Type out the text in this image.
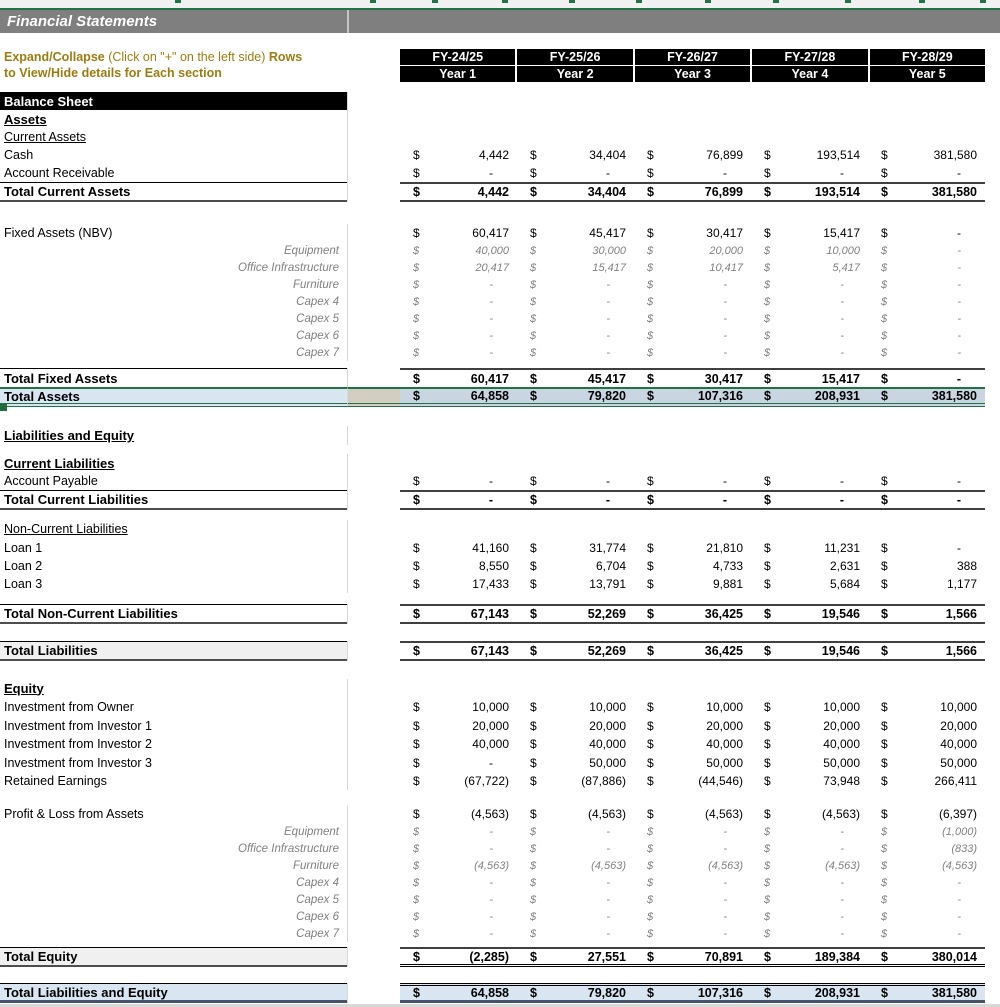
Financial Statements
Expand/Collapse (Click on "+" on the left side) Rows
to View/Hide details for Each section
FY-24/25	FY-25/26	FY-26/27	FY-27/28	FY-28/29
Year 1	Year 2	Year 3	Year 4	Year 5
Balance Sheet
Assets
Current Assets
Cash	$	4,442 $	34,404 $	76,899 $	193,514 $	381,580
Account Receivable	$	-	$	-	$	-	$	-	$	-
Total Current Assets	$	4,442 $	34,404 $	76,899 $	193,514 $	381,580
Fixed Assets (NBV)	$	60,417 $	45,417 $	30,417 $	15,417 $	-
Equipment	$	40,000 $	30,000 $	20,000 $	10,000 $	-
Office Infrastructure	$	20,417 $	15,417 $	10,417 $	5,417 $	-
Furniture	$	-	$	-	$	-	$	-	$	-
Capex 4	$	-	$	-	$	-	$	-	$	-
Capex 5	$	-	$	-	$	-	$	-	$	-
Capex 6	$	-	$	-	$	-	$	-	$	-
Capex 7	$	-	$	-	$	-	$	-	$	-
Total Fixed Assets	$	60,417 $	45,417 $	30,417 $	15,417 $	-
Total Assets	$	64,858 $	79,820 $	107,316 $	208,931 $	381,580
Liabilities and Equity
Current Liabilities
Account Payable	$	-	$	-	$	-	$	-	$	-
Total Current Liabilities	$	-	$	-	$	-	$	-	$	-
Non-Current Liabilities
Loan 1	$	41,160 $	31,774 $	21,810 $	11,231 $	-
Loan 2	$	8,550 $	6,704 $	4,733 $	2,631 $	388
Loan 3	$	17,433 $	13,791 $	9,881 $	5,684 $	1,177
Total Non-Current Liabilities	$	67,143 $	52,269 $	36,425 $	19,546 $	1,566
Total Liabilities	$	67,143 $	52,269 $	36,425 $	19,546 $	1,566
Equity
Investment from Owner	$	10,000 $	10,000 $	10,000 $	10,000 $	10,000
Investment from Investor 1	$	20,000 $	20,000 $	20,000 $	20,000 $	20,000
Investment from Investor 2	$	40,000 $	40,000 $	40,000 $	40,000 $	40,000
Investment from Investor 3	$	-	$	50,000 $	50,000 $	50,000 $	50,000
Retained Earnings	$	(67,722) $	(87,886) $	(44,546) $	73,948 $	266,411
Profit & Loss from Assets	$	(4,563) $	(4,563) $	(4,563) $	(4,563) $	(6,397)
Equipment	$	-	$	-	$	-	$	-	$	(1,000)
Office Infrastructure	$	-	$	-	$	-	$	-	$	(833)
Furniture	$	(4,563) $	(4,563) $	(4,563) $	(4,563) $	(4,563)
Capex 4	$	-	$	-	$	-	$	-	$	-
Capex 5	$	-	$	-	$	-	$	-	$	-
Capex 6	$	-	$	-	$	-	$	-	$	-
Capex 7	$	-	$	-	$	-	$	-	$	-
Total Equity	$	(2,285) $	27,551 $	70,891 $	189,384 $	380,014
Total Liabilities and Equity	$	64,858 $	79,820 $	107,316 $	208,931 $	381,580
